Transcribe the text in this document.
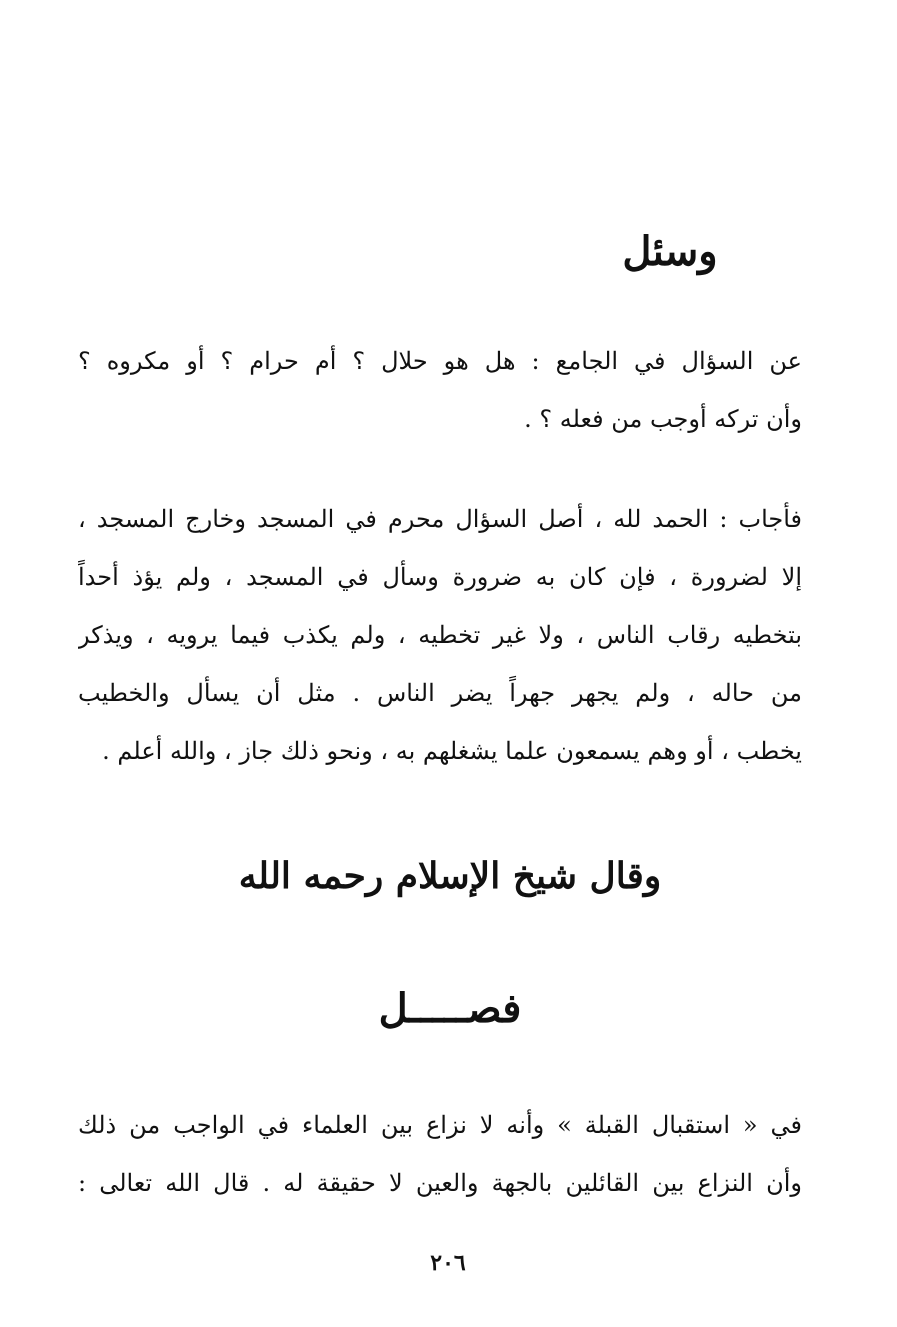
وسئل
عن السؤال في الجامع : هل هو حلال ؟ أم حرام ؟ أو مكروه ؟
وأن تركه أوجب من فعله ؟ .
فأجاب : الحمد لله ، أصل السؤال محرم في المسجد وخارج المسجد ،
إلا لضرورة ، فإن كان به ضرورة وسأل في المسجد ، ولم يؤذ أحداً
بتخطيه رقاب الناس ، ولا غير تخطيه ، ولم يكذب فيما يرويه ، ويذكر
من حاله ، ولم يجهر جهراً يضر الناس . مثل أن يسأل والخطيب
يخطب ، أو وهم يسمعون علما يشغلهم به ، ونحو ذلك جاز ، والله أعلم .
وقال شيخ الإسلام رحمه الله
فصـــــل
في « استقبال القبلة » وأنه لا نزاع بين العلماء في الواجب من ذلك
وأن النزاع بين القائلين بالجهة والعين لا حقيقة له . قال الله تعالى :
٢٠٦
